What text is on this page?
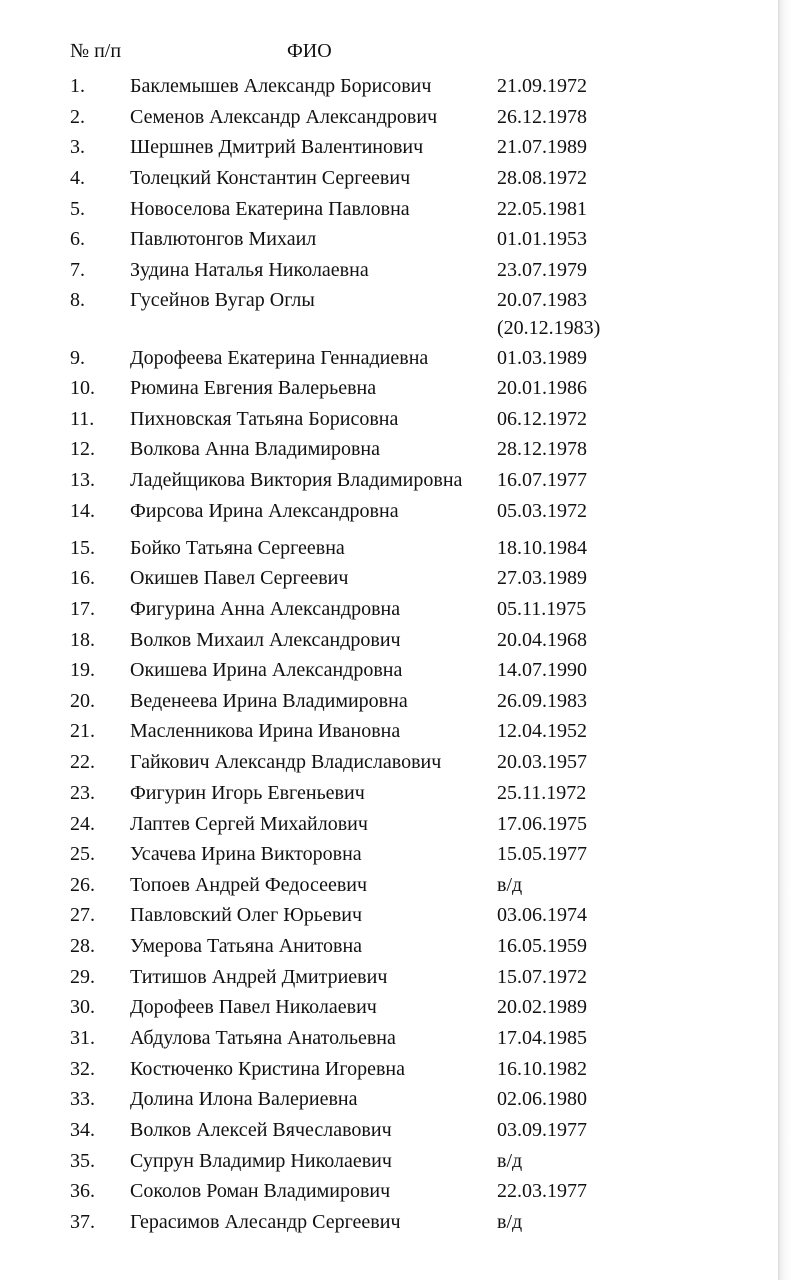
№ п/п	ФИО
1. Баклемышев Александр Борисович	21.09.1972
2. Семенов Александр Александрович	26.12.1978
3. Шершнев Дмитрий Валентинович	21.07.1989
4. Толецкий Константин Сергеевич	28.08.1972
5. Новоселова Екатерина Павловна	22.05.1981
6. Павлютонгов Михаил	01.01.1953
7. Зудина Наталья Николаевна	23.07.1979
8. Гусейнов Вугар Оглы	20.07.1983
(20.12.1983)
9. Дорофеева Екатерина Геннадиевна	01.03.1989
10. Рюмина Евгения Валерьевна	20.01.1986
11. Пихновская Татьяна Борисовна	06.12.1972
12. Волкова Анна Владимировна	28.12.1978
13. Ладейщикова Виктория Владимировна 16.07.1977
14. Фирсова Ирина Александровна	05.03.1972
15. Бойко Татьяна Сергеевна	18.10.1984
16. Окишев Павел Сергеевич	27.03.1989
17. Фигурина Анна Александровна	05.11.1975
18. Волков Михаил Александрович	20.04.1968
19. Окишева Ирина Александровна	14.07.1990
20. Веденеева Ирина Владимировна	26.09.1983
21. Масленникова Ирина Ивановна	12.04.1952
22. Гайкович Александр Владиславович	20.03.1957
23. Фигурин Игорь Евгеньевич	25.11.1972
24. Лаптев Сергей Михайлович	17.06.1975
25. Усачева Ирина Викторовна	15.05.1977
26. Топоев Андрей Федосеевич	в/д
27. Павловский Олег Юрьевич	03.06.1974
28. Умерова Татьяна Анитовна	16.05.1959
29. Титишов Андрей Дмитриевич	15.07.1972
30. Дорофеев Павел Николаевич	20.02.1989
31. Абдулова Татьяна Анатольевна	17.04.1985
32. Костюченко Кристина Игоревна	16.10.1982
33. Долина Илона Валериевна	02.06.1980
34. Волков Алексей Вячеславович	03.09.1977
35. Супрун Владимир Николаевич	в/д
36. Соколов Роман Владимирович	22.03.1977
37. Герасимов Алесандр Сергеевич	в/д
